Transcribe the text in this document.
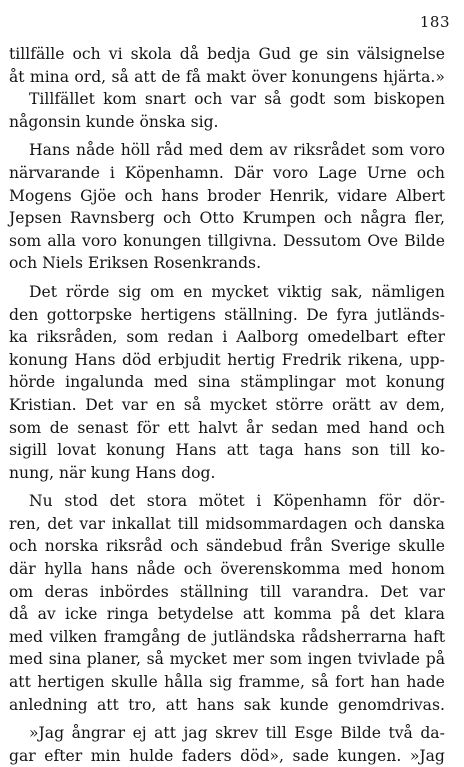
183
tillfälle och vi skola då bedja Gud ge sin välsignelse
åt mina ord, så att de få makt över konungens hjärta.»
Tillfället kom snart och var så godt som biskopen
någonsin kunde önska sig.
Hans nåde höll råd med dem av riksrådet som voro
närvarande i Köpenhamn. Där voro Lage Urne och
Mogens Gjöe och hans broder Henrik, vidare Albert
Jepsen Ravnsberg och Otto Krumpen och några fler,
som alla voro konungen tillgivna. Dessutom Ove Bilde
och Niels Eriksen Rosenkrands.
Det rörde sig om en mycket viktig sak, nämligen
den gottorpske hertigens ställning. De fyra jutländs-
ka riksråden, som redan i Aalborg omedelbart efter
konung Hans död erbjudit hertig Fredrik rikena, upp-
hörde ingalunda med sina stämplingar mot konung
Kristian. Det var en så mycket större orätt av dem,
som de senast för ett halvt år sedan med hand och
sigill lovat konung Hans att taga hans son till ko-
nung, när kung Hans dog.
Nu stod det stora mötet i Köpenhamn för dör-
ren, det var inkallat till midsommardagen och danska
och norska riksråd och sändebud från Sverige skulle
där hylla hans nåde och överenskomma med honom
om deras inbördes ställning till varandra. Det var
då av icke ringa betydelse att komma på det klara
med vilken framgång de jutländska rådsherrarna haft
med sina planer, så mycket mer som ingen tvivlade på
att hertigen skulle hålla sig framme, så fort han hade
anledning att tro, att hans sak kunde genomdrivas.
»Jag ångrar ej att jag skrev till Esge Bilde två da-
gar efter min hulde faders död», sade kungen. »Jag
